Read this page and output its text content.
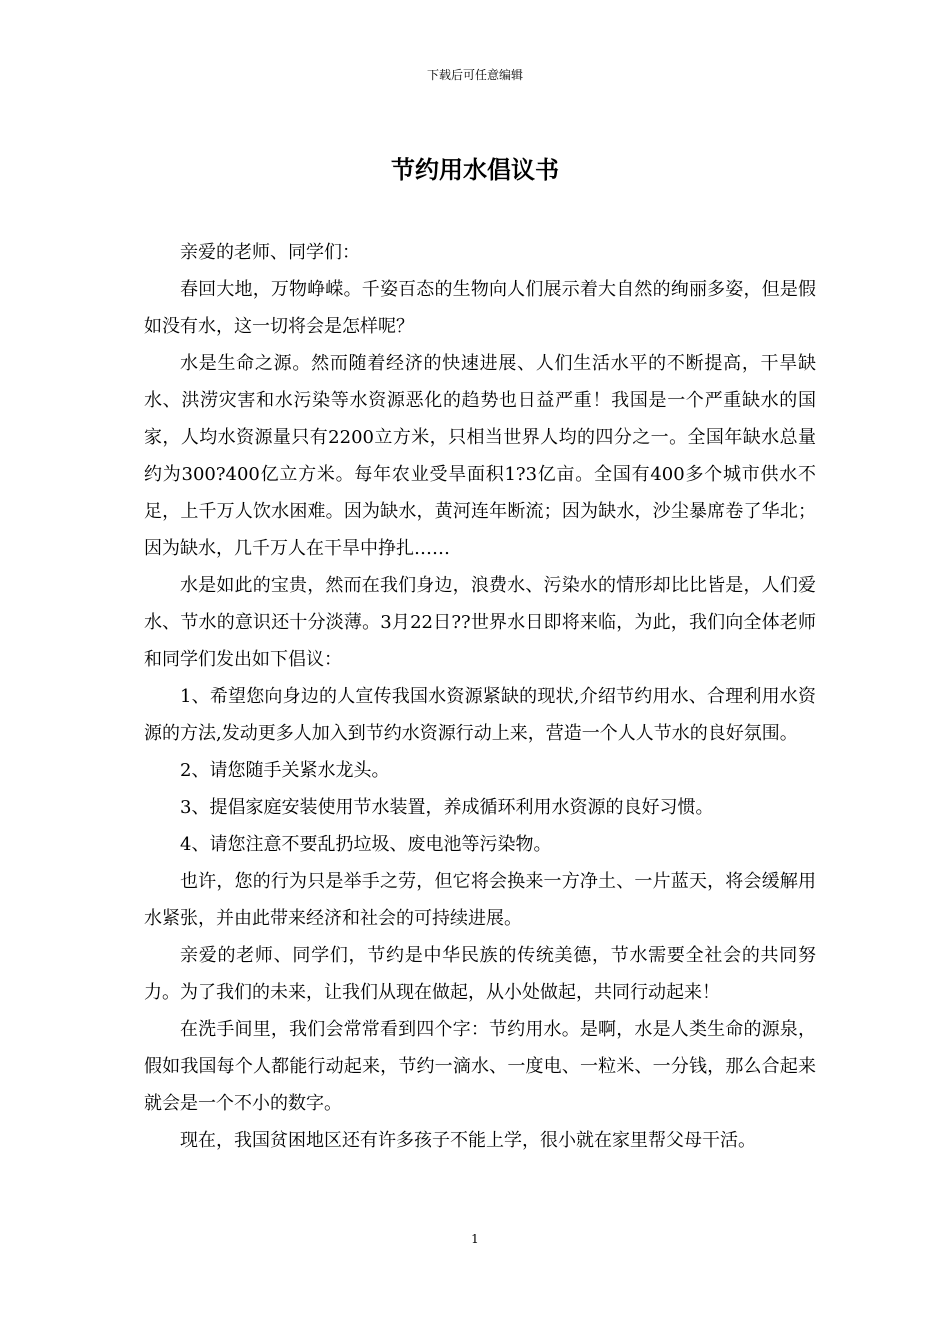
下载后可任意编辑
节约用水倡议书

亲爱的老师、同学们：

春回大地，万物峥嵘。千姿百态的生物向人们展示着大自然的绚丽多姿，但是假如没有水，这一切将会是怎样呢？

水是生命之源。然而随着经济的快速进展、人们生活水平的不断提高，干旱缺水、洪涝灾害和水污染等水资源恶化的趋势也日益严重！我国是一个严重缺水的国家，人均水资源量只有2200立方米，只相当世界人均的四分之一。全国年缺水总量约为300?400亿立方米。每年农业受旱面积1?3亿亩。全国有400多个城市供水不足，上千万人饮水困难。因为缺水，黄河连年断流；因为缺水，沙尘暴席卷了华北；因为缺水，几千万人在干旱中挣扎……

水是如此的宝贵，然而在我们身边，浪费水、污染水的情形却比比皆是，人们爱水、节水的意识还十分淡薄。3月22日??世界水日即将来临，为此，我们向全体老师和同学们发出如下倡议：

1、希望您向身边的人宣传我国水资源紧缺的现状,介绍节约用水、合理利用水资源的方法,发动更多人加入到节约水资源行动上来，营造一个人人节水的良好氛围。

2、请您随手关紧水龙头。

3、提倡家庭安装使用节水装置，养成循环利用水资源的良好习惯。

4、请您注意不要乱扔垃圾、废电池等污染物。

也许，您的行为只是举手之劳，但它将会换来一方净土、一片蓝天，将会缓解用水紧张，并由此带来经济和社会的可持续进展。

亲爱的老师、同学们，节约是中华民族的传统美德，节水需要全社会的共同努力。为了我们的未来，让我们从现在做起，从小处做起，共同行动起来！

在洗手间里，我们会常常看到四个字：节约用水。是啊，水是人类生命的源泉，假如我国每个人都能行动起来，节约一滴水、一度电、一粒米、一分钱，那么合起来就会是一个不小的数字。

现在，我国贫困地区还有许多孩子不能上学，很小就在家里帮父母干活。

1
